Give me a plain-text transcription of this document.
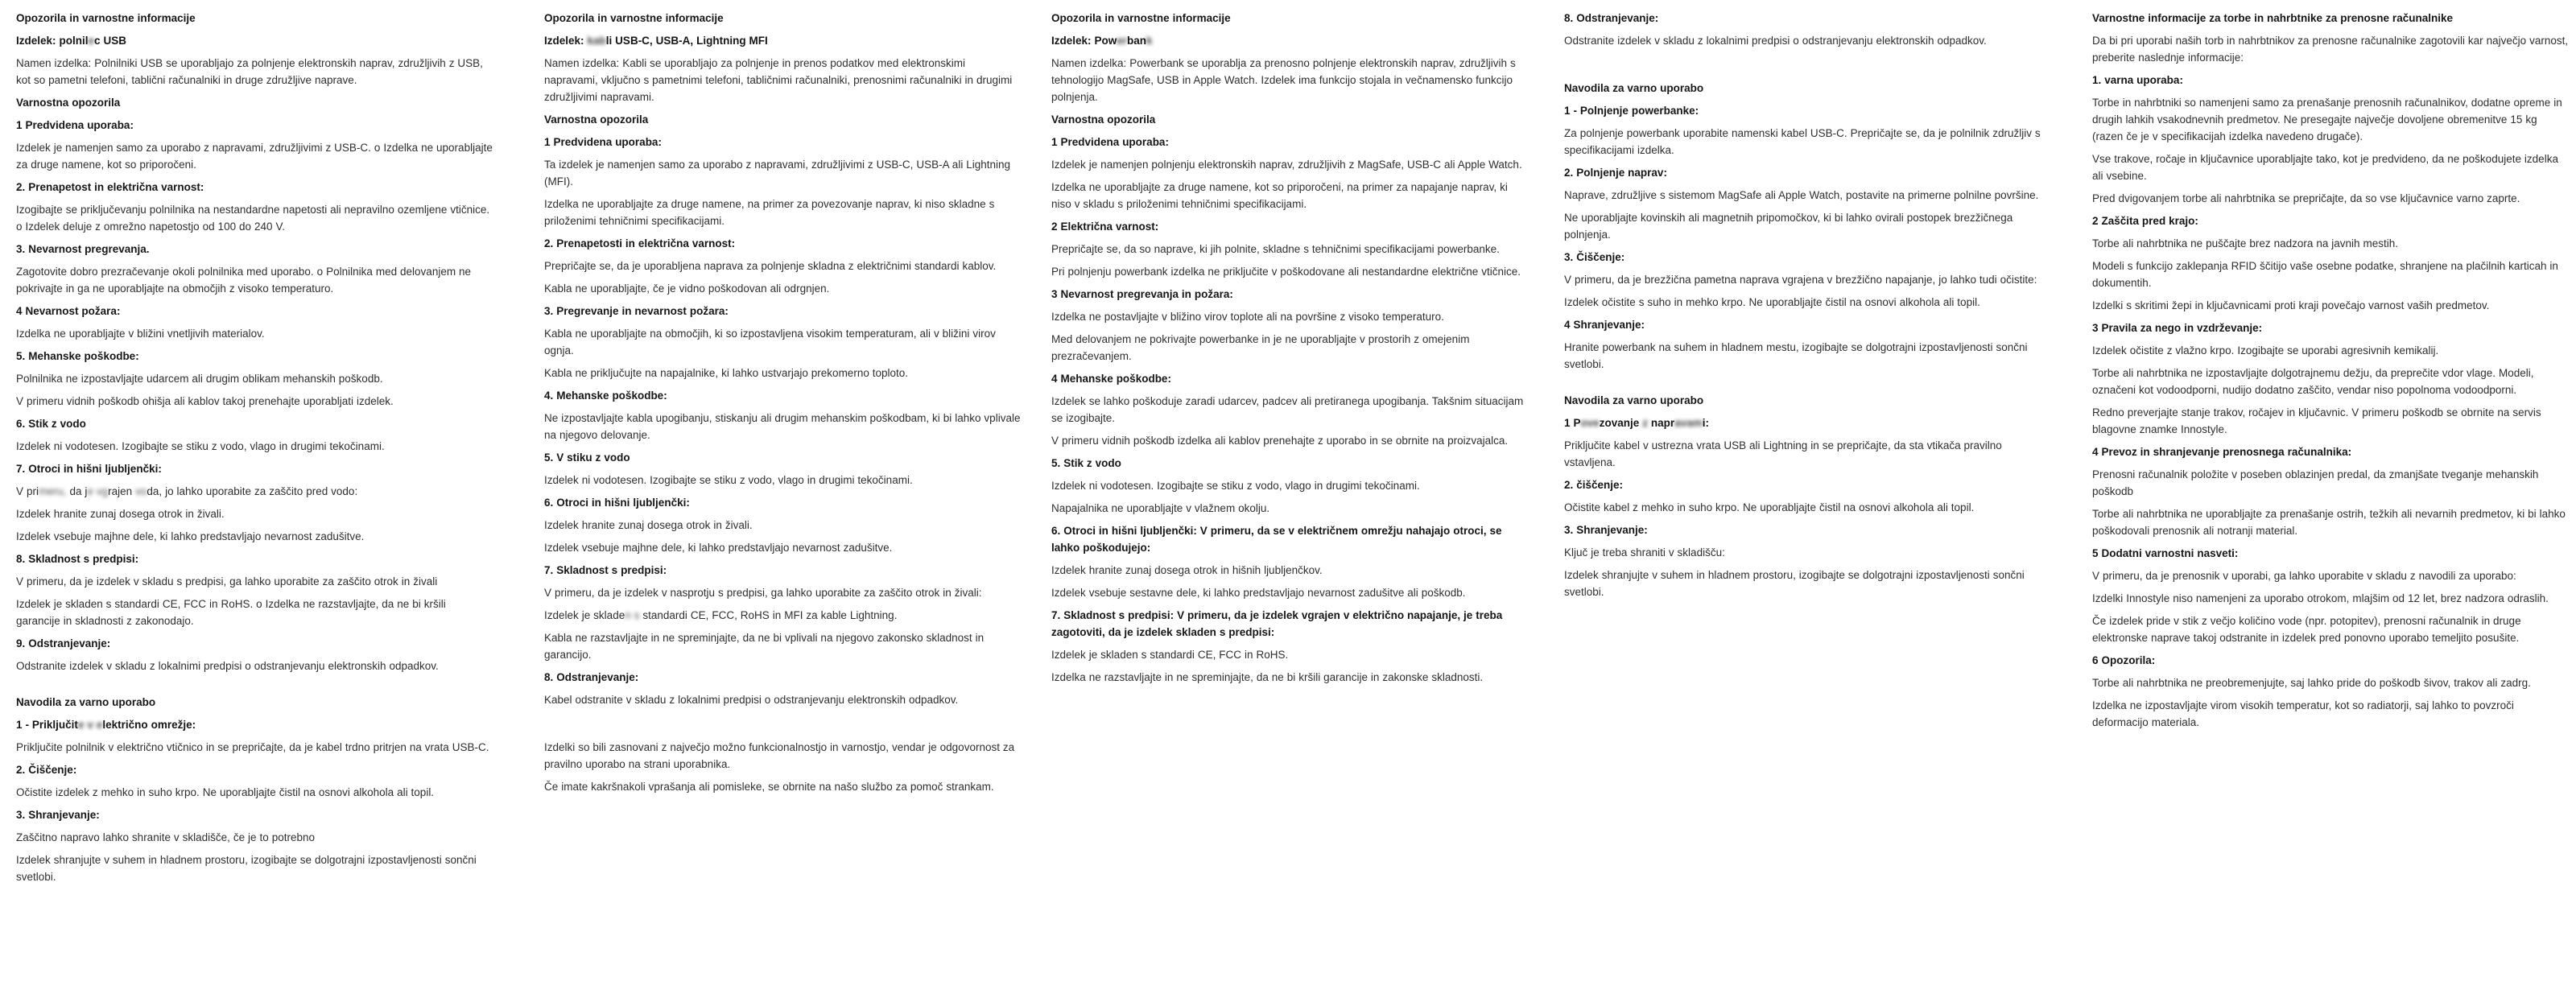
Opozorila in varnostne informacije
Izdelek: polnilec USB
Namen izdelka: Polnilniki USB se uporabljajo za polnjenje elektronskih naprav, združljivih z USB, kot so pametni telefoni, tablični računalniki in druge združljive naprave.
Varnostna opozorila
1 Predvidena uporaba:
Izdelek je namenjen samo za uporabo z napravami, združljivimi z USB-C. o Izdelka ne uporabljajte za druge namene, kot so priporočeni.
2. Prenapetost in električna varnost:
Izogibajte se priključevanju polnilnika na nestandardne napetosti ali nepravilno ozemljene vtičnice. o Izdelek deluje z omrežno napetostjo od 100 do 240 V.
3. Nevarnost pregrevanja.
Zagotovite dobro prezračevanje okoli polnilnika med uporabo. o Polnilnika med delovanjem ne pokrivajte in ga ne uporabljajte na območjih z visoko temperaturo.
4 Nevarnost požara:
Izdelka ne uporabljajte v bližini vnetljivih materialov.
5. Mehanske poškodbe:
Polnilnika ne izpostavljajte udarcem ali drugim oblikam mehanskih poškodb.
V primeru vidnih poškodb ohišja ali kablov takoj prenehajte uporabljati izdelek.
6. Stik z vodo
Izdelek ni vodotesen. Izogibajte se stiku z vodo, vlago in drugimi tekočinami.
7. Otroci in hišni ljubljenčki:
V primeru, da je vgrajen voda, jo lahko uporabite za zaščito pred vodo:
Izdelek hranite zunaj dosega otrok in živali.
Izdelek vsebuje majhne dele, ki lahko predstavljajo nevarnost zadušitve.
8. Skladnost s predpisi:
V primeru, da je izdelek v skladu s predpisi, ga lahko uporabite za zaščito otrok in živali
Izdelek je skladen s standardi CE, FCC in RoHS. o Izdelka ne razstavljajte, da ne bi kršili garancije in skladnosti z zakonodajo.
9. Odstranjevanje:
Odstranite izdelek v skladu z lokalnimi predpisi o odstranjevanju elektronskih odpadkov.
Navodila za varno uporabo
1 - Priključite v električno omrežje:
Priključite polnilnik v električno vtičnico in se prepričajte, da je kabel trdno pritrjen na vrata USB-C.
2. Čiščenje:
Očistite izdelek z mehko in suho krpo. Ne uporabljajte čistil na osnovi alkohola ali topil.
3. Shranjevanje:
Zaščitno napravo lahko shranite v skladišče, če je to potrebno
Izdelek shranjujte v suhem in hladnem prostoru, izogibajte se dolgotrajni izpostavljenosti sončni svetlobi.
Opozorila in varnostne informacije
Izdelek: kabli USB-C, USB-A, Lightning MFI
Namen izdelka: Kabli se uporabljajo za polnjenje in prenos podatkov med elektronskimi napravami, vključno s pametnimi telefoni, tabličnimi računalniki, prenosnimi računalniki in drugimi združljivimi napravami.
Varnostna opozorila
1 Predvidena uporaba:
Ta izdelek je namenjen samo za uporabo z napravami, združljivimi z USB-C, USB-A ali Lightning (MFI).
Izdelka ne uporabljajte za druge namene, na primer za povezovanje naprav, ki niso skladne s priloženimi tehničnimi specifikacijami.
2. Prenapetosti in električna varnost:
Prepričajte se, da je uporabljena naprava za polnjenje skladna z električnimi standardi kablov.
Kabla ne uporabljajte, če je vidno poškodovan ali odrgnjen.
3. Pregrevanje in nevarnost požara:
Kabla ne uporabljajte na območjih, ki so izpostavljena visokim temperaturam, ali v bližini virov ognja.
Kabla ne priključujte na napajalnike, ki lahko ustvarjajo prekomerno toploto.
4. Mehanske poškodbe:
Ne izpostavljajte kabla upogibanju, stiskanju ali drugim mehanskim poškodbam, ki bi lahko vplivale na njegovo delovanje.
5. V stiku z vodo
Izdelek ni vodotesen. Izogibajte se stiku z vodo, vlago in drugimi tekočinami.
6. Otroci in hišni ljubljenčki:
Izdelek hranite zunaj dosega otrok in živali.
Izdelek vsebuje majhne dele, ki lahko predstavljajo nevarnost zadušitve.
7. Skladnost s predpisi:
V primeru, da je izdelek v nasprotju s predpisi, ga lahko uporabite za zaščito otrok in živali:
Izdelek je skladen s standardi CE, FCC, RoHS in MFI za kable Lightning.
Kabla ne razstavljajte in ne spreminjajte, da ne bi vplivali na njegovo zakonsko skladnost in garancijo.
8. Odstranjevanje:
Kabel odstranite v skladu z lokalnimi predpisi o odstranjevanju elektronskih odpadkov.
Izdelki so bili zasnovani z največjo možno funkcionalnostjo in varnostjo, vendar je odgovornost za pravilno uporabo na strani uporabnika.
Če imate kakršnakoli vprašanja ali pomisleke, se obrnite na našo službo za pomoč strankam.
Opozorila in varnostne informacije
Izdelek: Powerbank
Namen izdelka: Powerbank se uporablja za prenosno polnjenje elektronskih naprav, združljivih s tehnologijo MagSafe, USB in Apple Watch. Izdelek ima funkcijo stojala in večnamensko funkcijo polnjenja.
Varnostna opozorila
1 Predvidena uporaba:
Izdelek je namenjen polnjenju elektronskih naprav, združljivih z MagSafe, USB-C ali Apple Watch.
Izdelka ne uporabljajte za druge namene, kot so priporočeni, na primer za napajanje naprav, ki niso v skladu s priloženimi tehničnimi specifikacijami.
2 Električna varnost:
Prepričajte se, da so naprave, ki jih polnite, skladne s tehničnimi specifikacijami powerbanke.
Pri polnjenju powerbank izdelka ne priključite v poškodovane ali nestandardne električne vtičnice.
3 Nevarnost pregrevanja in požara:
Izdelka ne postavljajte v bližino virov toplote ali na površine z visoko temperaturo.
Med delovanjem ne pokrivajte powerbanke in je ne uporabljajte v prostorih z omejenim prezračevanjem.
4 Mehanske poškodbe:
Izdelek se lahko poškoduje zaradi udarcev, padcev ali pretiranega upogibanja. Takšnim situacijam se izogibajte.
V primeru vidnih poškodb izdelka ali kablov prenehajte z uporabo in se obrnite na proizvajalca.
5. Stik z vodo
Izdelek ni vodotesen. Izogibajte se stiku z vodo, vlago in drugimi tekočinami.
Napajalnika ne uporabljajte v vlažnem okolju.
6. Otroci in hišni ljubljenčki: V primeru, da se v električnem omrežju nahajajo otroci, se lahko poškodujejo:
Izdelek hranite zunaj dosega otrok in hišnih ljubljenčkov.
Izdelek vsebuje sestavne dele, ki lahko predstavljajo nevarnost zadušitve ali poškodb.
7. Skladnost s predpisi: V primeru, da je izdelek vgrajen v električno napajanje, je treba zagotoviti, da je izdelek skladen s predpisi:
Izdelek je skladen s standardi CE, FCC in RoHS.
Izdelka ne razstavljajte in ne spreminjajte, da ne bi kršili garancije in zakonske skladnosti.
8. Odstranjevanje:
Odstranite izdelek v skladu z lokalnimi predpisi o odstranjevanju elektronskih odpadkov.
Navodila za varno uporabo
1 - Polnjenje powerbanke:
Za polnjenje powerbank uporabite namenski kabel USB-C. Prepričajte se, da je polnilnik združljiv s specifikacijami izdelka.
2. Polnjenje naprav:
Naprave, združljive s sistemom MagSafe ali Apple Watch, postavite na primerne polnilne površine.
Ne uporabljajte kovinskih ali magnetnih pripomočkov, ki bi lahko ovirali postopek brezžičnega polnjenja.
3. Čiščenje:
V primeru, da je brezžična pametna naprava vgrajena v brezžično napajanje, jo lahko tudi očistite:
Izdelek očistite s suho in mehko krpo. Ne uporabljajte čistil na osnovi alkohola ali topil.
4 Shranjevanje:
Hranite powerbank na suhem in hladnem mestu, izogibajte se dolgotrajni izpostavljenosti sončni svetlobi.
Navodila za varno uporabo
1 Povezovanje z napravami:
Priključite kabel v ustrezna vrata USB ali Lightning in se prepričajte, da sta vtikača pravilno vstavljena.
2. čiščenje:
Očistite kabel z mehko in suho krpo. Ne uporabljajte čistil na osnovi alkohola ali topil.
3. Shranjevanje:
Ključ je treba shraniti v skladišču:
Izdelek shranjujte v suhem in hladnem prostoru, izogibajte se dolgotrajni izpostavljenosti sončni svetlobi.
Varnostne informacije za torbe in nahrbtnike za prenosne računalnike
Da bi pri uporabi naših torb in nahrbtnikov za prenosne računalnike zagotovili kar največjo varnost, preberite naslednje informacije:
1. varna uporaba:
Torbe in nahrbtniki so namenjeni samo za prenašanje prenosnih računalnikov, dodatne opreme in drugih lahkih vsakodnevnih predmetov. Ne presegajte največje dovoljene obremenitve 15 kg (razen če je v specifikacijah izdelka navedeno drugače).
Vse trakove, ročaje in ključavnice uporabljajte tako, kot je predvideno, da ne poškodujete izdelka ali vsebine.
Pred dvigovanjem torbe ali nahrbtnika se prepričajte, da so vse ključavnice varno zaprte.
2 Zaščita pred krajo:
Torbe ali nahrbtnika ne puščajte brez nadzora na javnih mestih.
Modeli s funkcijo zaklepanja RFID ščitijo vaše osebne podatke, shranjene na plačilnih karticah in dokumentih.
Izdelki s skritimi žepi in ključavnicami proti kraji povečajo varnost vaših predmetov.
3 Pravila za nego in vzdrževanje:
Izdelek očistite z vlažno krpo. Izogibajte se uporabi agresivnih kemikalij.
Torbe ali nahrbtnika ne izpostavljajte dolgotrajnemu dežju, da preprečite vdor vlage. Modeli, označeni kot vodoodporni, nudijo dodatno zaščito, vendar niso popolnoma vodoodporni.
Redno preverjajte stanje trakov, ročajev in ključavnic. V primeru poškodb se obrnite na servis blagovne znamke Innostyle.
4 Prevoz in shranjevanje prenosnega računalnika:
Prenosni računalnik položite v poseben oblazinjen predal, da zmanjšate tveganje mehanskih poškodb
Torbe ali nahrbtnika ne uporabljajte za prenašanje ostrih, težkih ali nevarnih predmetov, ki bi lahko poškodovali prenosnik ali notranji material.
5 Dodatni varnostni nasveti:
V primeru, da je prenosnik v uporabi, ga lahko uporabite v skladu z navodili za uporabo:
Izdelki Innostyle niso namenjeni za uporabo otrokom, mlajšim od 12 let, brez nadzora odraslih.
Če izdelek pride v stik z večjo količino vode (npr. potopitev), prenosni računalnik in druge elektronske naprave takoj odstranite in izdelek pred ponovno uporabo temeljito posušite.
6 Opozorila:
Torbe ali nahrbtnika ne preobremenjujte, saj lahko pride do poškodb šivov, trakov ali zadrg.
Izdelka ne izpostavljajte virom visokih temperatur, kot so radiatorji, saj lahko to povzroči deformacijo materiala.
